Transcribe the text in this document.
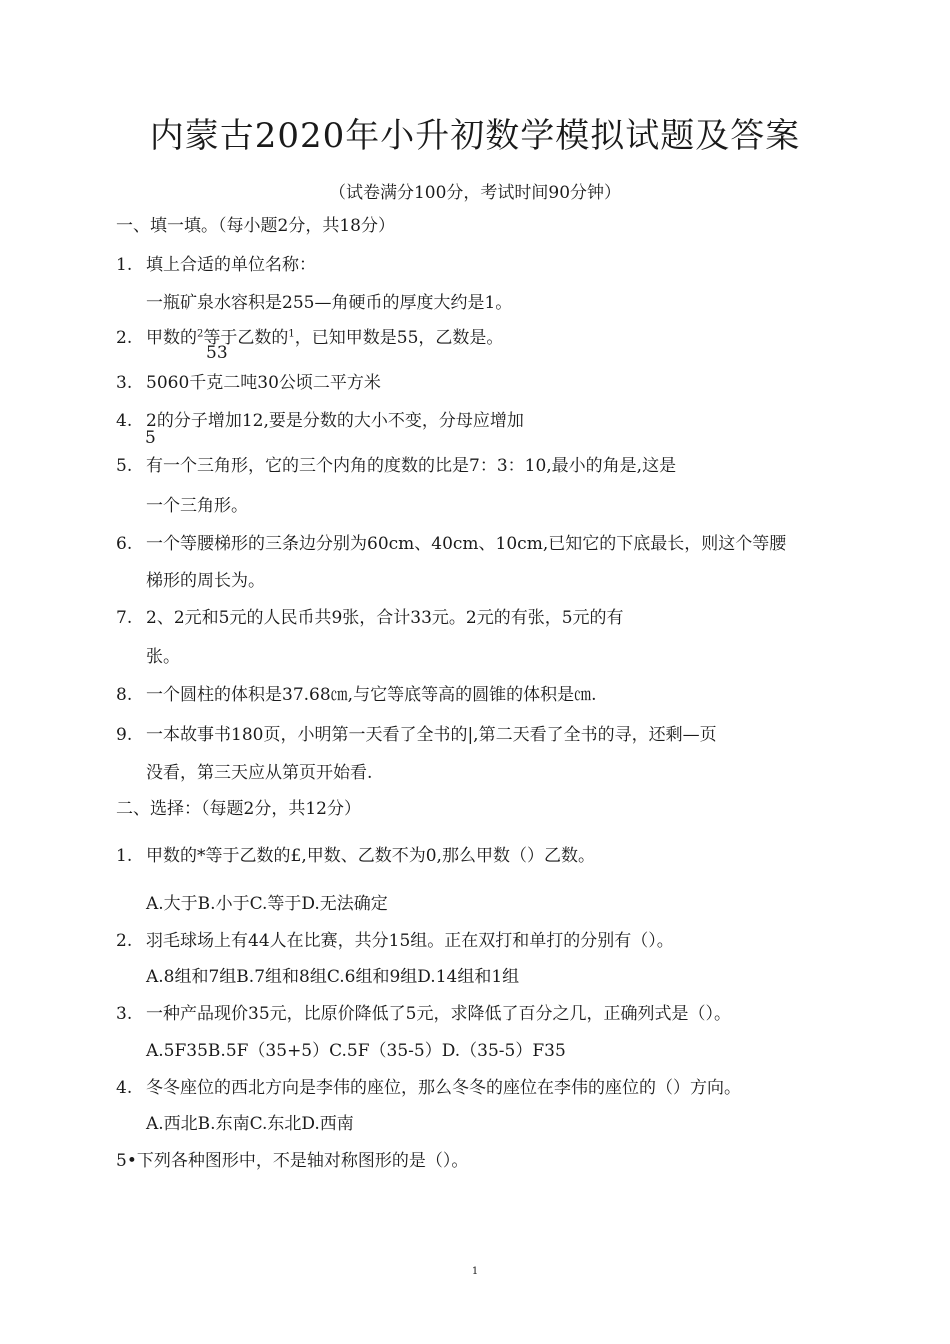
内蒙古2020年小升初数学模拟试题及答案
（试卷满分100分，考试时间90分钟）
一、填一填。（每小题2分，共18分）
1. 填上合适的单位名称：
一瓶矿泉水容积是255—角硬币的厚度大约是1。
2. 甲数的$^2$等于乙数的$^1$，已知甲数是55，乙数是。
53
3. 5060千克二吨30公顷二平方米
4. 2的分子增加12,要是分数的大小不变，分母应增加
5
5. 有一个三角形，它的三个内角的度数的比是7：3：10,最小的角是,这是
一个三角形。
6. 一个等腰梯形的三条边分别为60cm、40cm、10cm,已知它的下底最长，则这个等腰
梯形的周长为。
7. 2、2元和5元的人民币共9张，合计33元。2元的有张，5元的有
张。
8. 一个圆柱的体积是37.68㎝,与它等底等高的圆锥的体积是㎝.
9. 一本故事书180页，小明第一天看了全书的|,第二天看了全书的寻，还剩—页
没看，第三天应从第页开始看.
二、选择：（每题2分，共12分）
1. 甲数的*等于乙数的£,甲数、乙数不为0,那么甲数（）乙数。
A.大于B.小于C.等于D.无法确定
2. 羽毛球场上有44人在比赛，共分15组。正在双打和单打的分别有（）。
A.8组和7组B.7组和8组C.6组和9组D.14组和1组
3. 一种产品现价35元，比原价降低了5元，求降低了百分之几，正确列式是（）。
A.5F35B.5F（35+5）C.5F（35-5）D.（35-5）F35
4. 冬冬座位的西北方向是李伟的座位，那么冬冬的座位在李伟的座位的（）方向。
A.西北B.东南C.东北D.西南
5•下列各种图形中，不是轴对称图形的是（）。
1
